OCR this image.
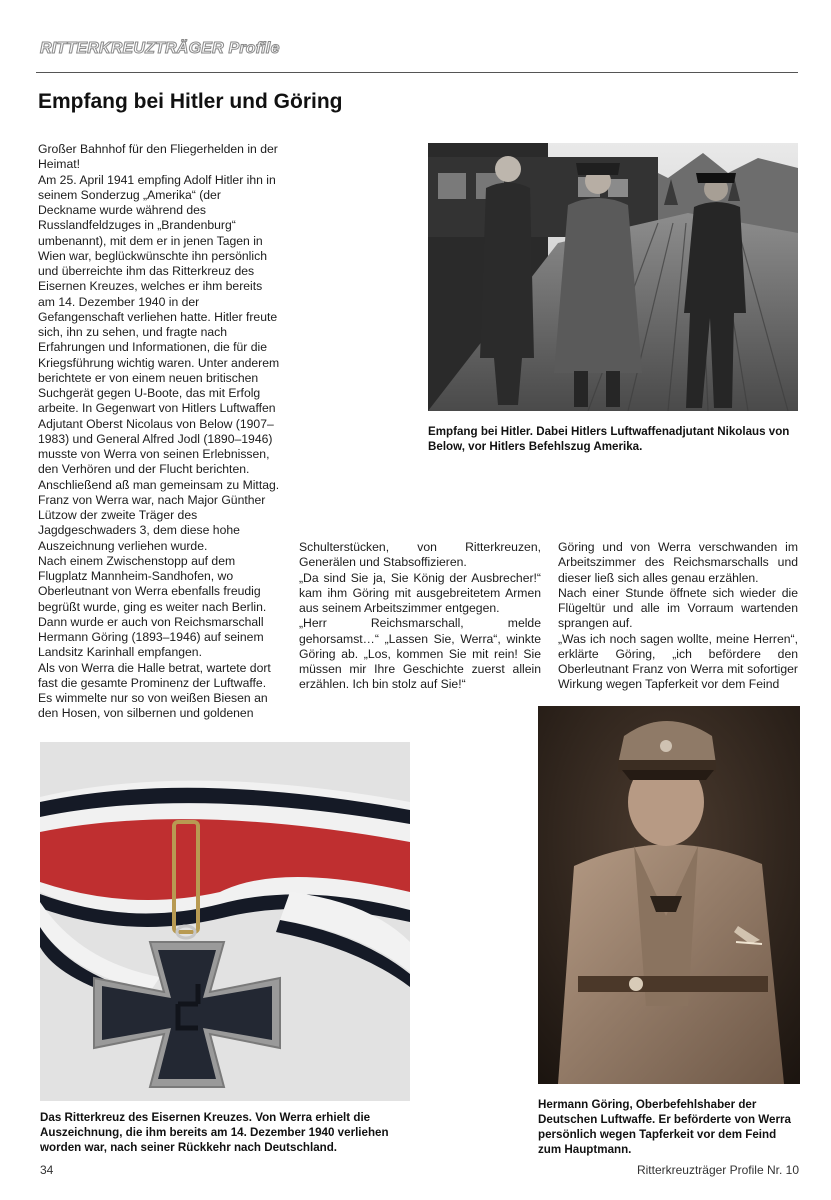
RITTERKREUZTRÄGER Profile
Empfang bei Hitler und Göring
Großer Bahnhof für den Fliegerhelden in der Heimat!
Am 25. April 1941 empfing Adolf Hitler ihn in seinem Sonderzug „Amerika“ (der Deckname wurde während des Russlandfeldzuges in „Brandenburg“ umbenannt), mit dem er in jenen Tagen in Wien war, beglückwünschte ihn persönlich und überreichte ihm das Ritterkreuz des Eisernen Kreuzes, welches er ihm bereits am 14. Dezember 1940 in der Gefangenschaft verliehen hatte. Hitler freute sich, ihn zu sehen, und fragte nach Erfahrungen und Informationen, die für die Kriegsführung wichtig waren. Unter anderem berichtete er von einem neuen britischen Suchgerät gegen U-Boote, das mit Erfolg arbeite. In Gegenwart von Hitlers Luftwaffen Adjutant Oberst Nicolaus von Below (1907–1983) und General Alfred Jodl (1890–1946) musste von Werra von seinen Erlebnissen, den Verhören und der Flucht berichten. Anschließend aß man gemeinsam zu Mittag.
Franz von Werra war, nach Major Günther Lützow der zweite Träger des Jagdgeschwaders 3, dem diese hohe Auszeichnung verliehen wurde.
Nach einem Zwischenstopp auf dem Flugplatz Mannheim-Sandhofen, wo Oberleutnant von Werra ebenfalls freudig begrüßt wurde, ging es weiter nach Berlin.
Dann wurde er auch von Reichsmarschall Hermann Göring (1893–1946) auf seinem Landsitz Karinhall empfangen.
Als von Werra die Halle betrat, wartete dort fast die gesamte Prominenz der Luftwaffe. Es wimmelte nur so von weißen Biesen an den Hosen, von silbernen und goldenen
Schulterstücken, von Ritterkreuzen, Generälen und Stabsoffizieren.
„Da sind Sie ja, Sie König der Ausbrecher!“ kam ihm Göring mit ausgebreitetem Armen aus seinem Arbeitszimmer entgegen.
„Herr Reichsmarschall, melde gehorsamst…“ „Lassen Sie, Werra“, winkte Göring ab. „Los, kommen Sie mit rein! Sie müssen mir Ihre Geschichte zuerst allein erzählen. Ich bin stolz auf Sie!“
Göring und von Werra verschwanden im Arbeitszimmer des Reichsmarschalls und dieser ließ sich alles genau erzählen.
Nach einer Stunde öffnete sich wieder die Flügeltür und alle im Vorraum wartenden sprangen auf.
„Was ich noch sagen wollte, meine Herren“, erklärte Göring, „ich befördere den Oberleutnant Franz von Werra mit sofortiger Wirkung wegen Tapferkeit vor dem Feind
Empfang bei Hitler. Dabei Hitlers Luftwaffenadjutant Nikolaus von Below, vor Hitlers Befehlszug Amerika.
Das Ritterkreuz des Eisernen Kreuzes. Von Werra erhielt die Auszeichnung, die ihm bereits am 14. Dezember 1940 verliehen worden war, nach seiner Rückkehr nach Deutschland.
Hermann Göring, Oberbefehlshaber der Deutschen Luftwaffe. Er beförderte von Werra persönlich wegen Tapferkeit vor dem Feind zum Hauptmann.
34	Ritterkreuzträger Profile Nr. 10
